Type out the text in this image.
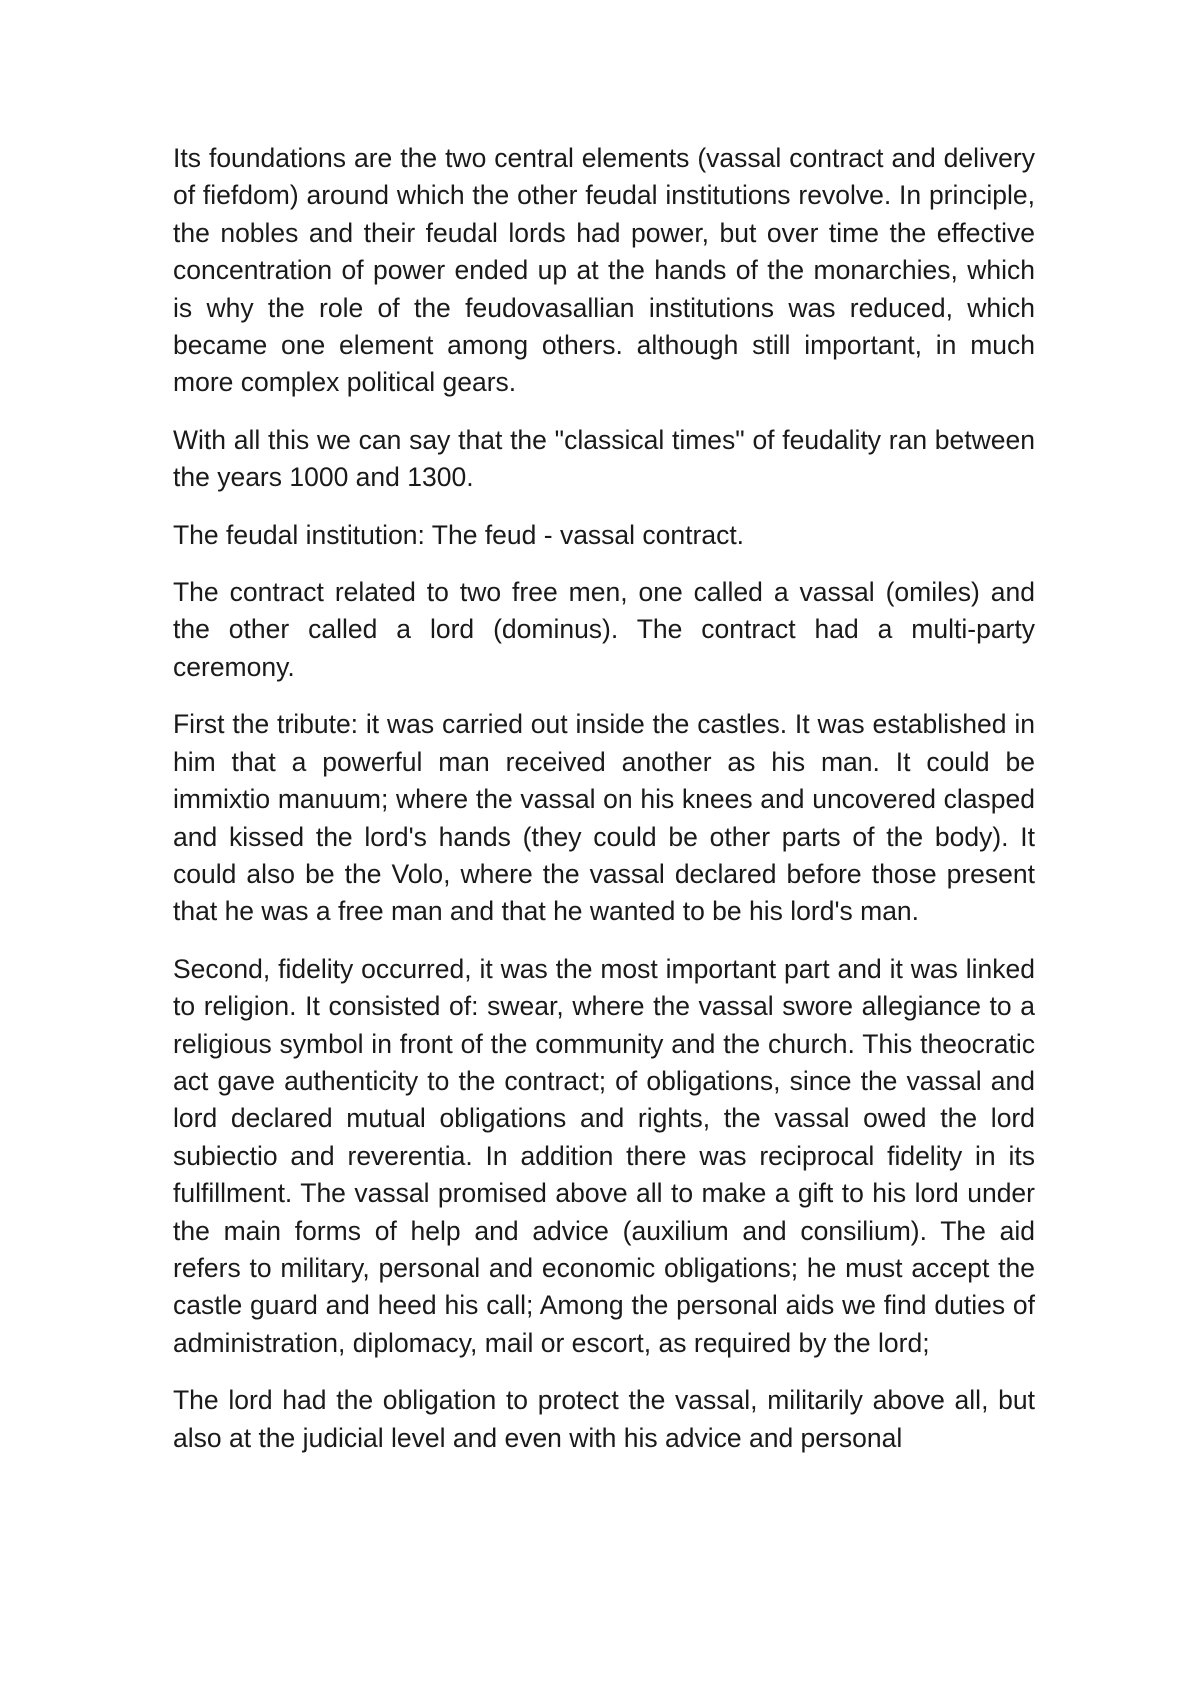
Its foundations are the two central elements (vassal contract and delivery of fiefdom) around which the other feudal institutions revolve. In principle, the nobles and their feudal lords had power, but over time the effective concentration of power ended up at the hands of the monarchies, which is why the role of the feudovasallian institutions was reduced, which became one element among others. although still important, in much more complex political gears.

With all this we can say that the "classical times" of feudality ran between the years 1000 and 1300.

The feudal institution: The feud - vassal contract.

The contract related to two free men, one called a vassal (omiles) and the other called a lord (dominus). The contract had a multi-party ceremony.

First the tribute: it was carried out inside the castles. It was established in him that a powerful man received another as his man. It could be immixtio manuum; where the vassal on his knees and uncovered clasped and kissed the lord's hands (they could be other parts of the body). It could also be the Volo, where the vassal declared before those present that he was a free man and that he wanted to be his lord's man.

Second, fidelity occurred, it was the most important part and it was linked to religion. It consisted of: swear, where the vassal swore allegiance to a religious symbol in front of the community and the church. This theocratic act gave authenticity to the contract; of obligations, since the vassal and lord declared mutual obligations and rights, the vassal owed the lord subiectio and reverentia. In addition there was reciprocal fidelity in its fulfillment. The vassal promised above all to make a gift to his lord under the main forms of help and advice (auxilium and consilium). The aid refers to military, personal and economic obligations; he must accept the castle guard and heed his call; Among the personal aids we find duties of administration, diplomacy, mail or escort, as required by the lord;

The lord had the obligation to protect the vassal, militarily above all, but also at the judicial level and even with his advice and personal
